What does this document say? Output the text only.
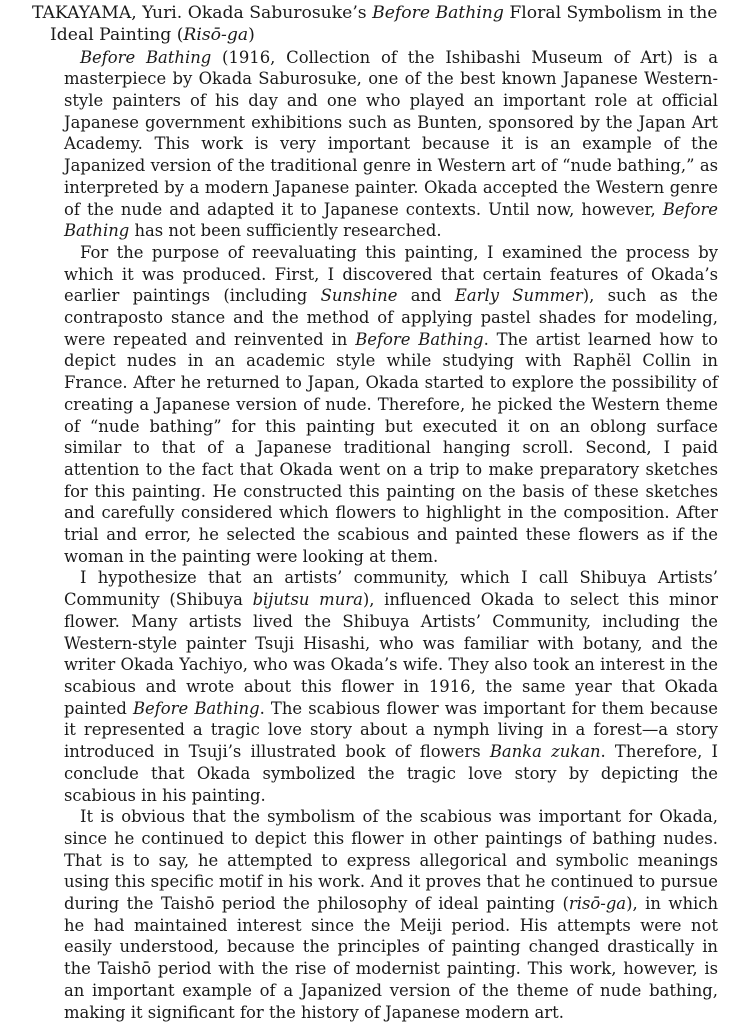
TAKAYAMA, Yuri. Okada Saburosuke’s Before Bathing Floral Symbolism in the Ideal Painting (Risō-ga)

Before Bathing (1916, Collection of the Ishibashi Museum of Art) is a masterpiece by Okada Saburosuke, one of the best known Japanese Western-style painters of his day and one who played an important role at official Japanese government exhibitions such as Bunten, sponsored by the Japan Art Academy. This work is very important because it is an example of the Japanized version of the traditional genre in Western art of “nude bathing,” as interpreted by a modern Japanese painter. Okada accepted the Western genre of the nude and adapted it to Japanese contexts. Until now, however, Before Bathing has not been sufficiently researched.

For the purpose of reevaluating this painting, I examined the process by which it was produced. First, I discovered that certain features of Okada’s earlier paintings (including Sunshine and Early Summer), such as the contraposto stance and the method of applying pastel shades for modeling, were repeated and reinvented in Before Bathing. The artist learned how to depict nudes in an academic style while studying with Raphël Collin in France. After he returned to Japan, Okada started to explore the possibility of creating a Japanese version of nude. Therefore, he picked the Western theme of “nude bathing” for this painting but executed it on an oblong surface similar to that of a Japanese traditional hanging scroll. Second, I paid attention to the fact that Okada went on a trip to make preparatory sketches for this painting. He constructed this painting on the basis of these sketches and carefully considered which flowers to highlight in the composition. After trial and error, he selected the scabious and painted these flowers as if the woman in the painting were looking at them.

I hypothesize that an artists’ community, which I call Shibuya Artists’ Community (Shibuya bijutsu mura), influenced Okada to select this minor flower. Many artists lived the Shibuya Artists’ Community, including the Western-style painter Tsuji Hisashi, who was familiar with botany, and the writer Okada Yachiyo, who was Okada’s wife. They also took an interest in the scabious and wrote about this flower in 1916, the same year that Okada painted Before Bathing. The scabious flower was important for them because it represented a tragic love story about a nymph living in a forest—a story introduced in Tsuji’s illustrated book of flowers Banka zukan. Therefore, I conclude that Okada symbolized the tragic love story by depicting the scabious in his painting.

It is obvious that the symbolism of the scabious was important for Okada, since he continued to depict this flower in other paintings of bathing nudes. That is to say, he attempted to express allegorical and symbolic meanings using this specific motif in his work. And it proves that he continued to pursue during the Taishō period the philosophy of ideal painting (risō-ga), in which he had maintained interest since the Meiji period. His attempts were not easily understood, because the principles of painting changed drastically in the Taishō period with the rise of modernist painting. This work, however, is an important example of a Japanized version of the theme of nude bathing, making it significant for the history of Japanese modern art.
